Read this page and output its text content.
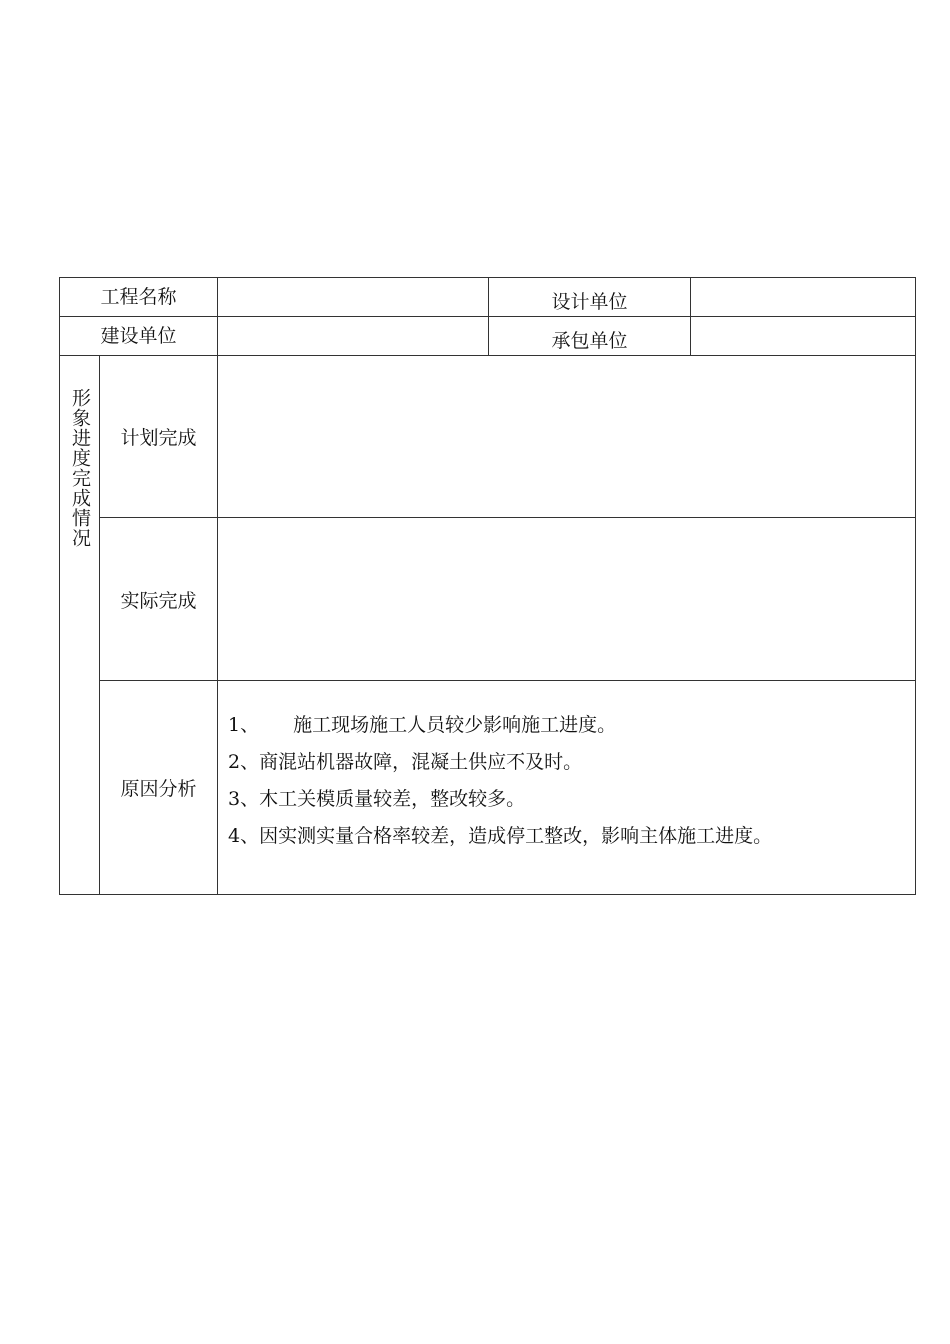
工程名称			设计单位	
建设单位			承包单位	

形象进度完成情况	计划完成			
	实际完成			
	原因分析	1、 施工现场施工人员较少影响施工进度。
2、商混站机器故障，混凝土供应不及时。
3、木工关模质量较差，整改较多。
4、因实测实量合格率较差，造成停工整改，影响主体施工进度。		
